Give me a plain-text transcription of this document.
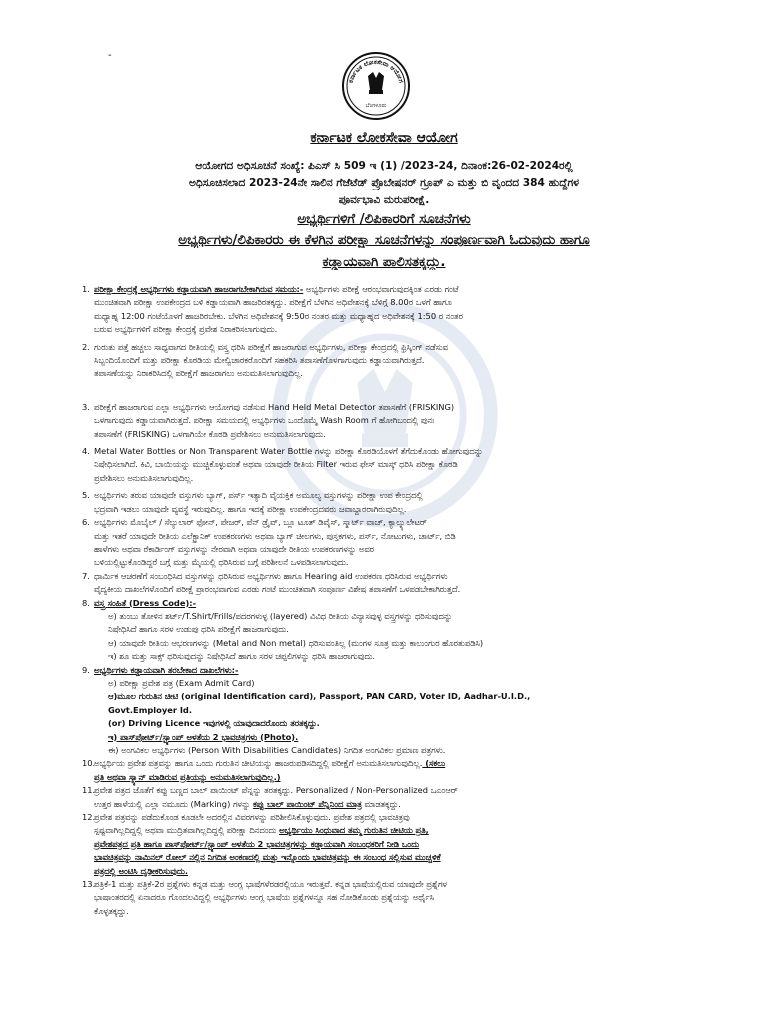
-
ಕರ್ನಾಟಕ ಲೋಕಸೇವಾ ಆಯೋಗ
ಬೆಂಗಳೂರು
ಕರ್ನಾಟಕ ಲೋಕಸೇವಾ ಆಯೋಗ
ಆಯೋಗದ ಅಧಿಸೂಚನೆ ಸಂಖ್ಯೆ: ಪಿಎಸ್ ಸಿ 509 ಇ (1) /2023-24, ದಿನಾಂಕ:26-02-2024ರಲ್ಲಿ
ಅಧಿಸೂಚಿಸಲಾದ 2023-24ನೇ ಸಾಲಿನ ಗೆಜೆಟೆಡ್ ಪ್ರೊಬೇಷನರ್ ಗ್ರೂಪ್ ಎ ಮತ್ತು ಬಿ ವೃಂದದ 384 ಹುದ್ದೆಗಳ
ಪೂರ್ವಭಾವಿ ಮರುಪರೀಕ್ಷೆ.
ಅಭ್ಯರ್ಥಿಗಳಿಗೆ /ಲಿಪಿಕಾರರಿಗೆ ಸೂಚನೆಗಳು
ಅಭ್ಯರ್ಥಿಗಳು/ಲಿಪಿಕಾರರು ಈ ಕೆಳಗಿನ ಪರೀಕ್ಷಾ ಸೂಚನೆಗಳನ್ನು ಸಂಪೂರ್ಣವಾಗಿ ಓದುವುದು ಹಾಗೂ
ಕಡ್ಡಾಯವಾಗಿ ಪಾಲಿಸತಕ್ಕದ್ದು.
1. ಪರೀಕ್ಷಾ ಕೇಂದ್ರಕ್ಕೆ ಅಭ್ಯರ್ಥಿಗಳು ಕಡ್ಡಾಯವಾಗಿ ಹಾಜರಾಗಬೇಕಾಗಿರುವ ಸಮಯ:- ಅಭ್ಯರ್ಥಿಗಳು ಪರೀಕ್ಷೆ ಆರಂಭವಾಗುವುದಕ್ಕಿಂತ ಎರಡು ಗಂಟೆ
ಮುಂಚಿತವಾಗಿ ಪರೀಕ್ಷಾ ಉಪಕೇಂದ್ರದ ಬಳಿ ಕಡ್ಡಾಯವಾಗಿ ಹಾಜರಿರತಕ್ಕದ್ದು. ಪರೀಕ್ಷೆಗೆ ಬೆಳಗಿನ ಅಧಿವೇಶನಕ್ಕೆ ಬೆಳಿಗ್ಗೆ 8.00ರ ಒಳಗೆ ಹಾಗೂ
ಮಧ್ಯಾಹ್ನ 12:00 ಗಂಟೆಯೊಳಗೆ ಹಾಜರಿರಬೇಕು. ಬೆಳಗಿನ ಅಧಿವೇಶನಕ್ಕೆ 9:50ರ ನಂತರ ಮತ್ತು ಮಧ್ಯಾಹ್ನದ ಅಧಿವೇಶನಕ್ಕೆ 1:50 ರ ನಂತರ
ಬರುವ ಅಭ್ಯರ್ಥಿಗಳಿಗೆ ಪರೀಕ್ಷಾ ಕೇಂದ್ರಕ್ಕೆ ಪ್ರವೇಶ ನಿರಾಕರಿಸಲಾಗುವುದು.
2. ಗುರುತು ಪತ್ತೆ ಹಚ್ಚಲು ಸಾಧ್ಯವಾಗದ ರೀತಿಯಲ್ಲಿ ವಸ್ತ್ರ ಧರಿಸಿ ಪರೀಕ್ಷೆಗೆ ಹಾಜರಾಗುವ ಅಭ್ಯರ್ಥಿಗಳು, ಪರೀಕ್ಷಾ ಕೇಂದ್ರದಲ್ಲಿ ಫ್ರಿಸ್ಕಿಂಗ್ ನಡೆಸುವ
ಸಿಬ್ಬಂದಿಯೊಂದಿಗೆ ಮತ್ತು ಪರೀಕ್ಷಾ ಕೊಠಡಿಯ ಮೇಲ್ವಿಚಾರಕರೊಂದಿಗೆ ಸಹಕರಿಸಿ ತಪಾಸಣೆಗೊಳಗಾಗುವುದು ಕಡ್ಡಾಯವಾಗಿರುತ್ತದೆ.
ತಪಾಸಣೆಯನ್ನು ನಿರಾಕರಿಸಿದಲ್ಲಿ ಪರೀಕ್ಷೆಗೆ ಹಾಜರಾಗಲು ಅನುಮತಿಸಲಾಗುವುದಿಲ್ಲ.
3. ಪರೀಕ್ಷೆಗೆ ಹಾಜರಾಗುವ ಎಲ್ಲಾ ಅಭ್ಯರ್ಥಿಗಳು ಆಯೋಗವು ನಡೆಸುವ Hand Held Metal Detector ತಪಾಸಣೆಗೆ (FRISKING)
ಒಳಗಾಗುವುದು ಕಡ್ಡಾಯವಾಗಿರುತ್ತದೆ. ಪರೀಕ್ಷಾ ಸಮಯದಲ್ಲಿ ಅಭ್ಯರ್ಥಿಗಳು ಒಂದೊಮ್ಮೆ Wash Room ಗೆ ಹೋಗಿಬಂದಲ್ಲಿ ಪುನಃ
ತಪಾಸಣೆಗೆ (FRISKING) ಒಳಗಾಗಿಯೇ ಕೊಠಡಿ ಪ್ರವೇಶಿಸಲು ಅನುಮತಿಸಲಾಗುವುದು.
4. Metal Water Bottles or Non Transparent Water Bottle ಗಳನ್ನು ಪರೀಕ್ಷಾ ಕೊಠಡಿಯೊಳಗೆ ತೆಗೆದುಕೊಂಡು ಹೋಗುವುದನ್ನು
ನಿಷೇಧಿಸಲಾಗಿದೆ. ಕಿವಿ, ಬಾಯಿಯನ್ನು ಮುಚ್ಚಿಕೊಳ್ಳುವಂತೆ ಅಥವಾ ಯಾವುದೇ ರೀತಿಯ Filter ಇರುವ ಫೇಸ್ ಮಾಸ್ಕ್ ಧರಿಸಿ ಪರೀಕ್ಷಾ ಕೊಠಡಿ
ಪ್ರವೇಶಿಸಲು ಅನುಮತಿಸಲಾಗುವುದಿಲ್ಲ.
5. ಅಭ್ಯರ್ಥಿಗಳು ತರುವ ಯಾವುದೇ ವಸ್ತುಗಳು ಬ್ಯಾಗ್, ಪರ್ಸ್ ಇತ್ಯಾದಿ ವೈಯಕ್ತಿಕ ಅಮೂಲ್ಯ ವಸ್ತುಗಳನ್ನು ಪರೀಕ್ಷಾ ಉಪ ಕೇಂದ್ರದಲ್ಲಿ
ಭದ್ರವಾಗಿ ಇಡಲು ಯಾವುದೇ ವ್ಯವಸ್ಥೆ ಇರುವುದಿಲ್ಲ. ಹಾಗೂ ಇದಕ್ಕೆ ಪರೀಕ್ಷಾ ಉಪಕೇಂದ್ರದವರು ಜವಾಬ್ದಾರರಾಗಿರುವುದಿಲ್ಲ.
6. ಅಭ್ಯರ್ಥಿಗಳು ಮೊಬೈಲ್ / ಸೆಲ್ಯುಲಾರ್ ಫೋನ್, ಪೇಜರ್, ಪೆನ್ ಡ್ರೈವ್, ಬ್ಲೂ ಟೂತ್ ಡಿವೈಸ್, ಸ್ಮಾರ್ಟ್ ವಾಚ್, ಕ್ಯಾಲ್ಕ್ಯುಲೇಟರ್
ಮತ್ತು ಇತರೆ ಯಾವುದೇ ರೀತಿಯ ಎಲೆಕ್ಟ್ರಾನಿಕ್ ಉಪಕರಣಗಳು ಅಥವಾ ಬ್ಯಾಗ್ ಚೀಲಗಳು, ಪುಸ್ತಕಗಳು, ಪರ್ಸ್, ನೋಟುಗಳು, ಚಾರ್ಟ್, ಬಿಡಿ
ಹಾಳೆಗಳು ಅಥವಾ ರೆಕಾರ್ಡಿಂಗ್ ವಸ್ತುಗಳನ್ನು ನೇರವಾಗಿ ಅಥವಾ ಯಾವುದೇ ರೀತಿಯ ಉಪಕರಣಗಳನ್ನು ಅವರ
ಬಳಿಯಲ್ಲಿಟ್ಟುಕೊಂಡಿದ್ದರೆ ಬಗ್ಗೆ ಮತ್ತು ಮೈಯಲ್ಲಿ ಧರಿಸಿರುವ ಬಗ್ಗೆ ಪರಿಶೀಲನೆ ಒಳಪಡಿಸಲಾಗುವುದು.
7. ಧಾರ್ಮಿಕ ಆಚರಣೆಗೆ ಸಂಬಂಧಿಸಿದ ವಸ್ತುಗಳನ್ನು ಧರಿಸಿರುವ ಅಭ್ಯರ್ಥಿಗಳು ಹಾಗೂ Hearing aid ಉಪಕರಣ ಧರಿಸಿರುವ ಅಭ್ಯರ್ಥಿಗಳು
ವೈದ್ಯಕೀಯ ದಾಖಲೆಗಳೊಂದಿಗೆ ಪರೀಕ್ಷೆ ಪ್ರಾರಂಭವಾಗುವ ಎರಡು ಗಂಟೆ ಮುಂಚಿತವಾಗಿ ಸಂಪೂರ್ಣ ವಿಶೇಷ ತಪಾಸಣೆಗೆ ಒಳಪಡಬೇಕಾಗಿರುತ್ತದೆ.
8. ವಸ್ತ್ರ ಸಂಹಿತೆ (Dress Code):-
ಅ) ತುಂಬು ತೋಳಿನ ಶರ್ಟ್/T.Shirt/Frills/ಪದರಗಳುಳ್ಳ (layered) ವಿವಿಧ ರೀತಿಯ ವಿನ್ಯಾಸವುಳ್ಳ ವಸ್ತ್ರಗಳನ್ನು ಧರಿಸುವುದನ್ನು
ನಿಷೇಧಿಸಿದೆ ಹಾಗೂ ಸರಳ ಉಡುಪು ಧರಿಸಿ ಪರೀಕ್ಷೆಗೆ ಹಾಜರಾಗುವುದು.
ಆ) ಯಾವುದೇ ರೀತಿಯ ಆಭರಣಗಳನ್ನು (Metal and Non metal) ಧರಿಸುವಂತಿಲ್ಲ (ಮಂಗಳ ಸೂತ್ರ ಮತ್ತು ಕಾಲುಂಗುರ ಹೊರತುಪಡಿಸಿ)
ಇ) ಶೂ ಮತ್ತು ಸಾಕ್ಸ್ ಧರಿಸುವುದನ್ನು ನಿಷೇಧಿಸಿದೆ ಹಾಗೂ ಸರಳ ಚಪ್ಪಲಿಗಳನ್ನು ಧರಿಸಿ ಹಾಜರಾಗುವುದು.
9. ಅಭ್ಯರ್ಥಿಗಳು ಕಡ್ಡಾಯವಾಗಿ ತರಬೇಕಾದ ದಾಖಲೆಗಳು:-
ಅ) ಪರೀಕ್ಷಾ ಪ್ರವೇಶ ಪತ್ರ (Exam Admit Card)
ಆ)ಮೂಲ ಗುರುತಿನ ಚೀಟಿ (original Identification card), Passport, PAN CARD, Voter ID, Aadhar-U.I.D.,
Govt.Employer Id.
(or) Driving Licence ಇವುಗಳಲ್ಲಿ ಯಾವುದಾದರೊಂದು ತರತಕ್ಕದ್ದು.
ಇ) ಪಾಸ್‌ಪೋರ್ಟ್/ಸ್ಟ್ಯಾಂಪ್ ಅಳತೆಯ 2 ಭಾವಚಿತ್ರಗಳು (Photo).
ಈ) ಅಂಗವಿಕಲ ಅಭ್ಯರ್ಥಿಗಳು (Person With Disabilities Candidates) ನಿಗದಿತ ಅಂಗವಿಕಲ ಪ್ರಮಾಣ ಪತ್ರಗಳು.
10.
ಅಭ್ಯರ್ಥಿಯ ಪ್ರವೇಶ ಪತ್ರವನ್ನು ಹಾಗೂ ಒಂದು ಗುರುತಿನ ಚೀಟಿಯನ್ನು ಹಾಜರುಪಡಿಸದಿದ್ದಲ್ಲಿ ಪರೀಕ್ಷೆಗೆ ಅನುಮತಿಸಲಾಗುವುದಿಲ್ಲ. (ಸಕಲು
ಪ್ರತಿ ಅಥವಾ ಸ್ಕ್ಯಾನ್ ಮಾಡಿರುವ ಪ್ರತಿಯನ್ನು ಅನುಮತಿಸಲಾಗುವುದಿಲ್ಲ.)
11.
ಪ್ರವೇಶ ಪತ್ರದ ಜೊತೆಗೆ ಕಪ್ಪು ಬಣ್ಣದ ಬಾಲ್ ಪಾಯಿಂಟ್ ಪೆನ್ನನ್ನು ತರತಕ್ಕದ್ದು. Personalized / Non-Personalized ಒಎಂಆರ್
ಉತ್ತರ ಹಾಳೆಯಲ್ಲಿ ಎಲ್ಲಾ ನಮೂದು (Marking) ಗಳನ್ನು ಕಪ್ಪು ಬಾಲ್ ಪಾಯಿಂಟ್ ಪೆನ್ನಿನಿಂದ ಮಾತ್ರ ಮಾಡತಕ್ಕದ್ದು.
12.
ಪ್ರವೇಶ ಪತ್ರವನ್ನು ಪಡೆದುಕೊಂಡ ಕೂಡಲೇ ಅದರಲ್ಲಿನ ವಿವರಗಳನ್ನು ಪರಿಶೀಲಿಸಿಕೊಳ್ಳುವುದು. ಪ್ರವೇಶ ಪತ್ರದಲ್ಲಿ ಭಾವಚಿತ್ರವು
ಸ್ಪಷ್ಟವಾಗಿಲ್ಲದಿದ್ದಲ್ಲಿ ಅಥವಾ ಮುದ್ರಿತವಾಗಿಲ್ಲದಿದ್ದಲ್ಲಿ ಪರೀಕ್ಷಾ ದಿನದಂದು ಅಭ್ಯರ್ಥಿಯು ಸಿಂಧುವಾದ ತಮ್ಮ ಗುರುತಿನ ಚೀಟಿಯ ಪ್ರತಿ,
ಪ್ರವೇಶಪತ್ರದ ಪ್ರತಿ ಹಾಗೂ ಪಾಸ್‌ಪೋರ್ಟ್/ಸ್ಟ್ಯಾಂಪ್ ಅಳತೆಯ 2 ಭಾವಚಿತ್ರಗಳನ್ನು ಕಡ್ಡಾಯವಾಗಿ ಸಂಬಂಧಕರಿಗೆ ನೀಡಿ ಒಂದು
ಭಾವಚಿತ್ರವನ್ನು ನಾಮಿನಲ್ ರೋಲ್ ನಲ್ಲಿನ ನಿಗದಿತ ಅಂಕಣದಲ್ಲಿ ಮತ್ತು ಇನ್ನೊಂದು ಭಾವಚಿತ್ರವನ್ನು ಈ ಸಂಬಂಧ ಸಲ್ಲಿಸುವ ಮುಚ್ಚಳಿಕೆ
ಪತ್ರದಲ್ಲಿ ಅಂಟಿಸಿ ದೃಢೀಕರಿಸುವುದು.
13.
ಪತ್ರಿಕೆ-1 ಮತ್ತು ಪತ್ರಿಕೆ-2ರ ಪ್ರಶ್ನೆಗಳು ಕನ್ನಡ ಮತ್ತು ಆಂಗ್ಲ ಭಾಷೆಗಳೆರಡರಲ್ಲಿಯೂ ಇರುತ್ತವೆ. ಕನ್ನಡ ಭಾಷೆಯಲ್ಲಿರುವ ಯಾವುದೇ ಪ್ರಶ್ನೆಗಳ
ಭಾಷಾಂತರದಲ್ಲಿ ಏನಾದರೂ ಗೊಂದಲವಿದ್ದಲ್ಲಿ ಅಭ್ಯರ್ಥಿಗಳು ಆಂಗ್ಲ ಭಾಷೆಯ ಪ್ರಶ್ನೆಗಳನ್ನೂ ಸಹ ನೋಡಿಕೊಂಡು ಪ್ರಶ್ನೆಯನ್ನು ಅರ್ಥೈಸಿ
ಕೊಳ್ಳತಕ್ಕದ್ದು.
